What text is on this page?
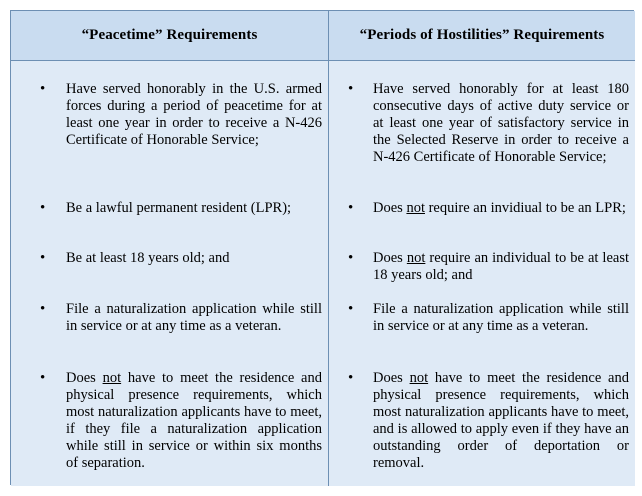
“Peacetime” Requirements	“Periods of Hostilities” Requirements
• Have served honorably in the U.S. armed forces during a period of peacetime for at least one year in order to receive a N-426 Certificate of Honorable Service;
• Be a lawful permanent resident (LPR);
• Be at least 18 years old; and
• File a naturalization application while still in service or at any time as a veteran.
• Does not have to meet the residence and physical presence requirements, which most naturalization applicants have to meet, if they file a naturalization application while still in service or within six months of separation.
• Have served honorably for at least 180 consecutive days of active duty service or at least one year of satisfactory service in the Selected Reserve in order to receive a N-426 Certificate of Honorable Service;
• Does not require an invidiual to be an LPR;
• Does not require an individual to be at least 18 years old; and
• File a naturalization application while still in service or at any time as a veteran.
• Does not have to meet the residence and physical presence requirements, which most naturalization applicants have to meet, and is allowed to apply even if they have an outstanding order of deportation or removal.
